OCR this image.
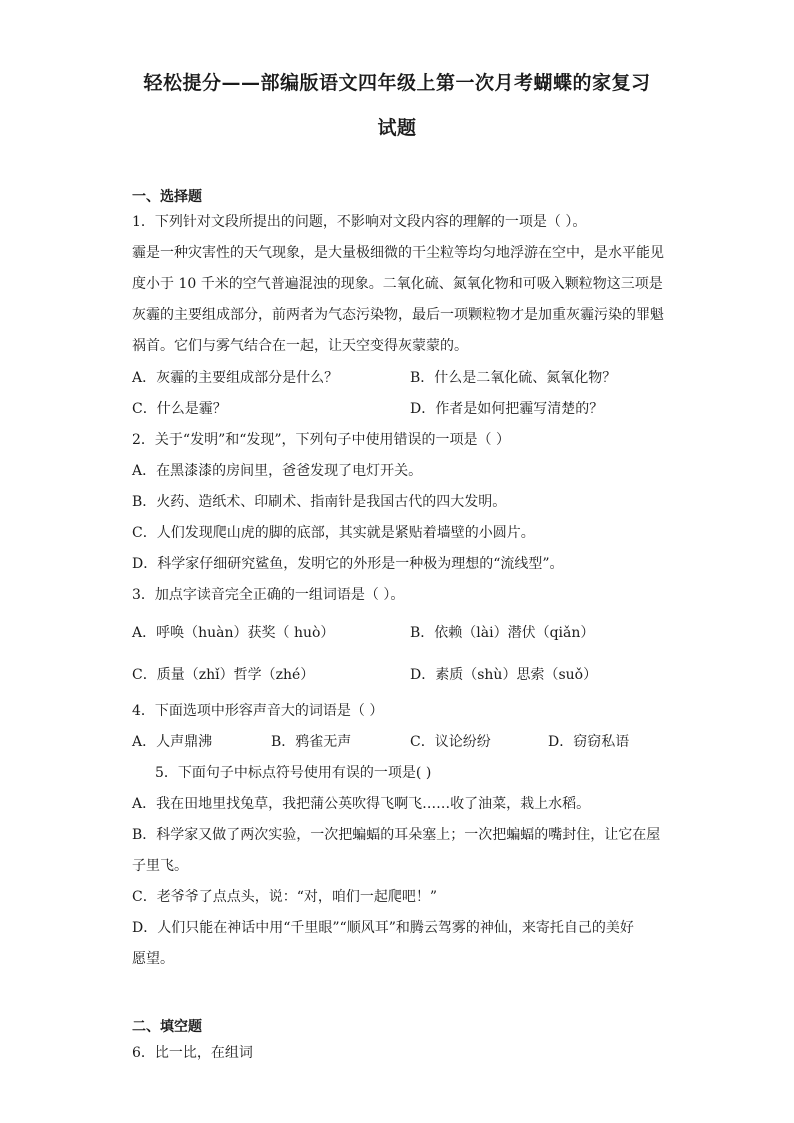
轻松提分——部编版语文四年级上第一次月考蝴蝶的家复习
试题
一、选择题
1．下列针对文段所提出的问题，不影响对文段内容的理解的一项是（ ）。
霾是一种灾害性的天气现象，是大量极细微的干尘粒等均匀地浮游在空中，是水平能见
度小于 10 千米的空气普遍混浊的现象。二氧化硫、氮氧化物和可吸入颗粒物这三项是
灰霾的主要组成部分，前两者为气态污染物，最后一项颗粒物才是加重灰霾污染的罪魁
祸首。它们与雾气结合在一起，让天空变得灰蒙蒙的。
A．灰霾的主要组成部分是什么？	B．什么是二氧化硫、氮氧化物？
C．什么是霾？	D．作者是如何把霾写清楚的？
2．关于“发明”和“发现”，下列句子中使用错误的一项是（ ）
A．在黑漆漆的房间里，爸爸发现了电灯开关。
B．火药、造纸术、印刷术、指南针是我国古代的四大发明。
C．人们发现爬山虎的脚的底部，其实就是紧贴着墙壁的小圆片。
D．科学家仔细研究鲨鱼，发明它的外形是一种极为理想的“流线型”。
3．加点字读音完全正确的一组词语是（ ）。
A．呼唤（huàn）获奖（ huò）	B．依赖（lài）潜伏（qiǎn）
C．质量（zhǐ）哲学（zhé）	D．素质（shù）思索（suǒ）
4．下面选项中形容声音大的词语是（ ）
A．人声鼎沸	B．鸦雀无声	C．议论纷纷	D．窃窃私语
5．下面句子中标点符号使用有误的一项是( )
A．我在田地里找兔草，我把蒲公英吹得飞啊飞……收了油菜，栽上水稻。
B．科学家又做了两次实验，一次把蝙蝠的耳朵塞上；一次把蝙蝠的嘴封住，让它在屋
子里飞。
C．老爷爷了点点头，说：“对，咱们一起爬吧！”
D．人们只能在神话中用“千里眼”“顺风耳”和腾云驾雾的神仙，来寄托自己的美好
愿望。
二、填空题
6．比一比，在组词
